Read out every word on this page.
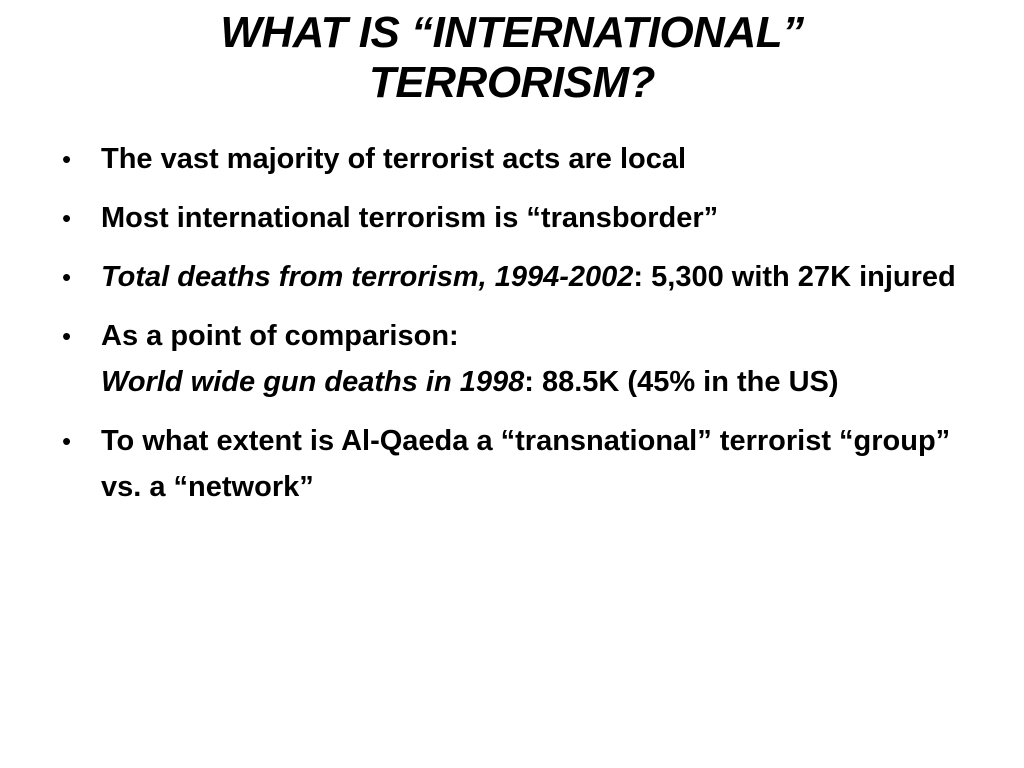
WHAT IS “INTERNATIONAL”
TERRORISM?
• The vast majority of terrorist acts are local
• Most international terrorism is “transborder”
• Total deaths from terrorism, 1994-2002: 5,300 with 27K injured
• As a point of comparison:
World wide gun deaths in 1998: 88.5K (45% in the US)
• To what extent is Al-Qaeda a “transnational” terrorist “group” vs. a “network”
